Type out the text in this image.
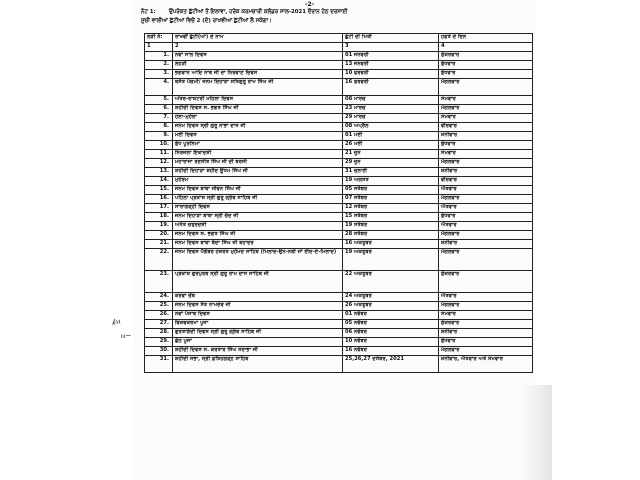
-2-
ਨੋਟ 1: ਉਪਰੋਕਤ ਛੁੱਟੀਆਂ ਤੋਂ ਇਲਾਵਾ, ਹਰੇਕ ਕਰਮਚਾਰੀ ਕਲੰਡਰ ਸਾਲ-2021 ਦੌਰਾਨ ਹੇਠ ਦਰਸਾਈ
ਸੂਚੀ ਵਾਲੀਆਂ ਛੁੱਟੀਆਂ ਵਿਚੋਂ 2 (ਦੋ) ਰਾਖਵੀਆਂ ਛੁੱਟੀਆਂ ਲੈ ਸਕੇਗਾ।
ਲੜੀ ਨੰ:	ਰਾਖਵੀਂ ਛੁੱਟੀ(ਆਂ) ਦੇ ਨਾਮ	ਛੁੱਟੀ ਦੀ ਮਿਤੀ	ਹਫਤੇ ਦੇ ਦਿਨ
1	2	3	4
1.	ਨਵਾਂ ਸਾਲ ਦਿਵਸ	01 ਜਨਵਰੀ	ਸ਼ੁੱਕਰਵਾਰ
2.	ਲੋਹੜੀ	13 ਜਨਵਰੀ	ਬੁੱਧਵਾਰ
3.	ਭਗਵਾਨ ਆਦਿ ਨਾਥ ਜੀ ਦਾ ਨਿਰਵਾਣ ਦਿਵਸ	10 ਫਰਵਰੀ	ਬੁੱਧਵਾਰ
4.	ਬਸੰਤ ਪੰਚਮੀ/ ਜਨਮ ਦਿਹਾੜਾ ਸਤਿਗੁਰੂ ਰਾਮ ਸਿੰਘ ਜੀ	16 ਫਰਵਰੀ	ਮੰਗਲਵਾਰ
5.	ਅੰਤਰ-ਰਾਸ਼ਟਰੀ ਮਹਿਲਾ ਦਿਵਸ	08 ਮਾਰਚ	ਸੋਮਵਾਰ
6.	ਸ਼ਹੀਦੀ ਦਿਵਸ ਸ. ਭਗਤ ਸਿੰਘ ਜੀ	23 ਮਾਰਚ	ਮੰਗਲਵਾਰ
7.	ਹੋਲਾ-ਮੁਹੱਲਾ	29 ਮਾਰਚ	ਸੋਮਵਾਰ
8.	ਜਨਮ ਦਿਵਸ ਸ੍ਰੀ ਗੁਰੂ ਨਾਭਾ ਦਾਸ ਜੀ	08 ਅਪ੍ਰੈਲ	ਵੀਰਵਾਰ
9.	ਮਈ ਦਿਵਸ	01 ਮਈ	ਸ਼ਨੀਵਾਰ
10.	ਬੁੱਧ ਪੂਰਨਿਮਾ	26 ਮਈ	ਬੁੱਧਵਾਰ
11.	ਨਿਰਜਲਾ ਇਕਾਦਸ਼ੀ	21 ਜੂਨ	ਸੋਮਵਾਰ
12.	ਮਹਾਰਾਜਾ ਰਣਜੀਤ ਸਿੰਘ ਜੀ ਦੀ ਬਰਸੀ	29 ਜੂਨ	ਮੰਗਲਵਾਰ
13.	ਸ਼ਹੀਦੀ ਦਿਹਾੜਾ ਸ਼ਹੀਦ ਊਧਮ ਸਿੰਘ ਜੀ	31 ਜੁਲਾਈ	ਸ਼ਨੀਵਾਰ
14.	ਮੁਹੱਰਮ	19 ਅਗਸਤ	ਵੀਰਵਾਰ
15.	ਜਨਮ ਦਿਵਸ ਬਾਬਾ ਜੀਵਨ ਸਿੰਘ ਜੀ	05 ਸਤੰਬਰ	ਐਤਵਾਰ
16.	ਪਹਿਲਾ ਪ੍ਰਕਾਸ਼ ਸ੍ਰੀ ਗੁਰੂ ਗ੍ਰੰਥ ਸਾਹਿਬ ਜੀ	07 ਸਤੰਬਰ	ਮੰਗਲਵਾਰ
17.	ਸਾਰਾਗੜ੍ਹੀ ਦਿਵਸ	12 ਸਤੰਬਰ	ਐਤਵਾਰ
18.	ਜਨਮ ਦਿਹਾੜਾ ਬਾਬਾ ਸ੍ਰੀ ਚੰਦ ਜੀ	15 ਸਤੰਬਰ	ਬੁੱਧਵਾਰ
19.	ਅਨੰਤ ਚਤੁਰਦਸ਼ੀ	19 ਸਤੰਬਰ	ਐਤਵਾਰ
20.	ਜਨਮ ਦਿਵਸ ਸ. ਭਗਤ ਸਿੰਘ ਜੀ	28 ਸਤੰਬਰ	ਮੰਗਲਵਾਰ
21.	ਜਨਮ ਦਿਵਸ ਬਾਬਾ ਬੰਦਾ ਸਿੰਘ ਜੀ ਬਹਾਦਰ	16 ਅਕਤੂਬਰ	ਸ਼ਨੀਵਾਰ
22.	ਜਨਮ ਦਿਵਸ ਪੈਗੰਬਰ ਹਜ਼ਰਤ ਮੁਹੰਮਦ ਸਾਹਿਬ (ਮਿਲਾਦ-ਉਨ-ਨਬੀ ਜਾਂ ਈਦ-ਏ-ਮਿਲਾਦ)	19 ਅਕਤੂਬਰ	ਮੰਗਲਵਾਰ
23.	ਪ੍ਰਕਾਸ਼ ਗੁਰਪੁਰਬ ਸ੍ਰੀ ਗੁਰੂ ਰਾਮ ਦਾਸ ਸਾਹਿਬ ਜੀ	22 ਅਕਤੂਬਰ	ਸ਼ੁੱਕਰਵਾਰ
24.	ਕਰਵਾ ਚੌਥ	24 ਅਕਤੂਬਰ	ਐਤਵਾਰ
25.	ਜਨਮ ਦਿਵਸ ਸੰਤ ਨਾਮਦੇਵ ਜੀ	26 ਅਕਤੂਬਰ	ਮੰਗਲਵਾਰ
26.	ਨਵਾਂ ਪੰਜਾਬ ਦਿਵਸ	01 ਨਵੰਬਰ	ਸੋਮਵਾਰ
27.	ਵਿਸ਼ਵਕਰਮਾ ਪੂਜਾ	05 ਨਵੰਬਰ	ਸ਼ੁੱਕਰਵਾਰ
28.	ਗੁਰਤਾਗੱਦੀ ਦਿਵਸ ਸ੍ਰੀ ਗੁਰੂ ਗ੍ਰੰਥ ਸਾਹਿਬ ਜੀ	06 ਨਵੰਬਰ	ਸ਼ਨੀਵਾਰ
29.	ਛੱਠ ਪੂਜਾ	10 ਨਵੰਬਰ	ਬੁੱਧਵਾਰ
30.	ਸ਼ਹੀਦੀ ਦਿਵਸ ਸ. ਕਰਤਾਰ ਸਿੰਘ ਸਰਾਭਾ ਜੀ	16 ਨਵੰਬਰ	ਮੰਗਲਵਾਰ
31.	ਸ਼ਹੀਦੀ ਸਭਾ, ਸ੍ਰੀ ਫ਼ਤਿਹਗੜ੍ਹ ਸਾਹਿਬ	25,26,27 ਦਸੰਬਰ, 2021	ਸ਼ਨੀਵਾਰ, ਐਤਵਾਰ ਅਤੇ ਸੋਮਵਾਰ
𝓀ⲛ
ⲛ~
